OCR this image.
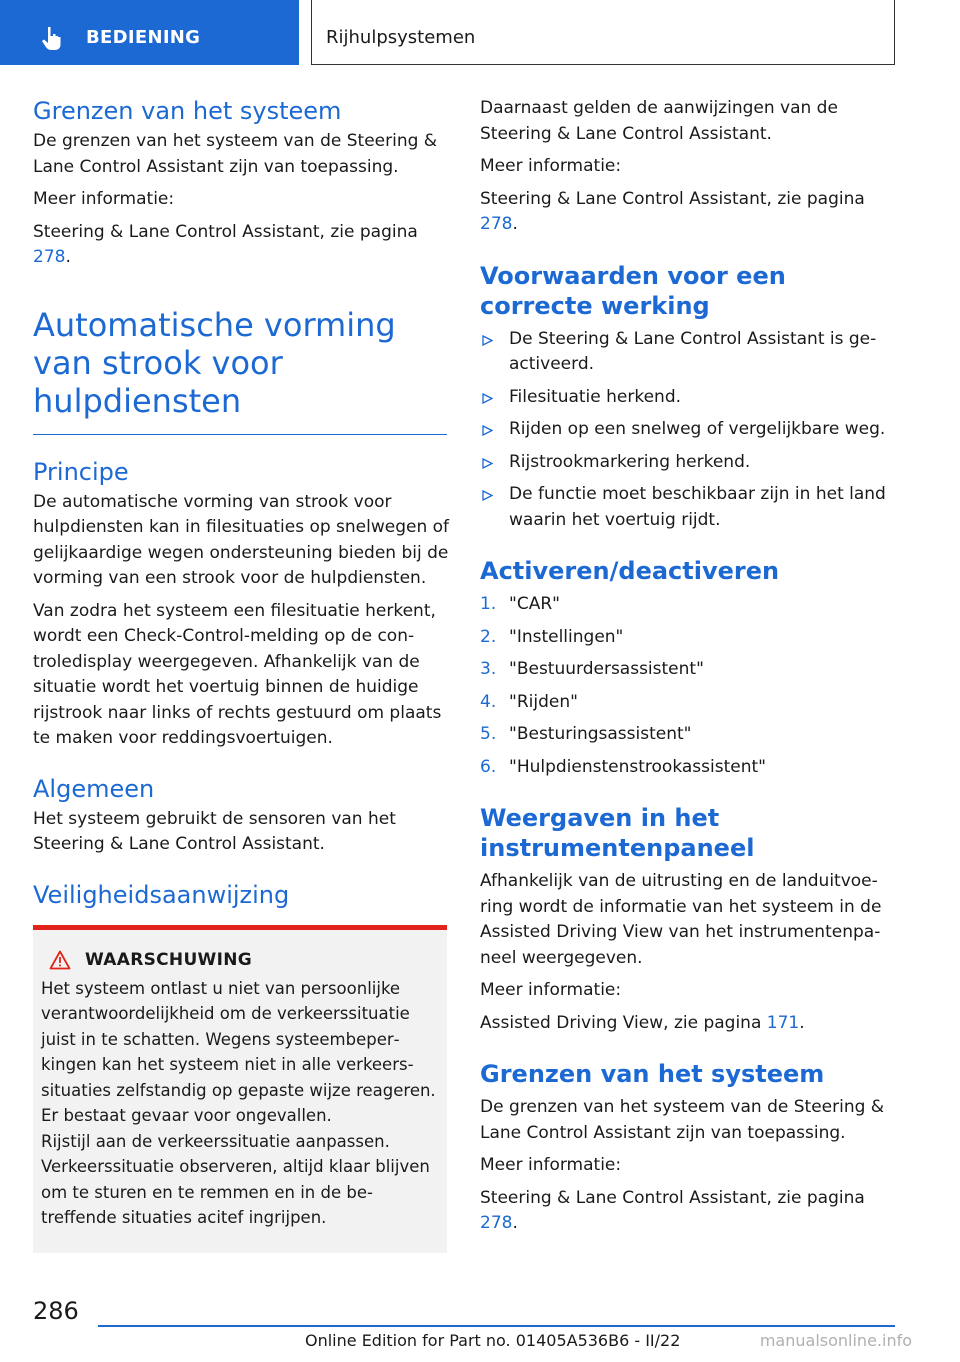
BEDIENING	Rijhulpsystemen
Grenzen van het systeem

De grenzen van het systeem van de Steering & Lane Control Assistant zijn van toepassing.

Meer informatie:

Steering & Lane Control Assistant, zie pagina 278.

Automatische vorming van strook voor hulpdiensten
Principe

De automatische vorming van strook voor hulpdiensten kan in filesituaties op snelwegen of gelijkaardige wegen ondersteuning bieden bij de vorming van een strook voor de hulpdiensten.

Van zodra het systeem een filesituatie herkent, wordt een Check-Control-melding op de controledisplay weergegeven. Afhankelijk van de situatie wordt het voertuig binnen de huidige rijstrook naar links of rechts gestuurd om plaats te maken voor reddingsvoertuigen.

Algemeen

Het systeem gebruikt de sensoren van het Steering & Lane Control Assistant.

Veiligheidsaanwijzing
WAARSCHUWING

Het systeem ontlast u niet van persoonlijke verantwoordelijkheid om de verkeerssituatie juist in te schatten. Wegens systeembeperkingen kan het systeem niet in alle verkeerssituaties zelfstandig op gepaste wijze reageren. Er bestaat gevaar voor ongevallen.

Rijstijl aan de verkeerssituatie aanpassen. Verkeerssituatie observeren, altijd klaar blijven om te sturen en te remmen en in de betreffende situaties acitef ingrijpen.

Daarnaast gelden de aanwijzingen van de Steering & Lane Control Assistant.

Meer informatie:

Steering & Lane Control Assistant, zie pagina 278.

Voorwaarden voor een correcte werking
De Steering & Lane Control Assistant is geactiveerd.
Filesituatie herkend.
Rijden op een snelweg of vergelijkbare weg.
Rijstrookmarkering herkend.
De functie moet beschikbaar zijn in het land waarin het voertuig rijdt.
Activeren/deactiveren
1. "CAR"
2. "Instellingen"
3. "Bestuurdersassistent"
4. "Rijden"
5. "Besturingsassistent"
6. "Hulpdienstenstrookassistent"
Weergaven in het instrumentenpaneel

Afhankelijk van de uitrusting en de landuitvoering wordt de informatie van het systeem in de Assisted Driving View van het instrumentenpaneel weergegeven.

Meer informatie:

Assisted Driving View, zie pagina 171.

Grenzen van het systeem

De grenzen van het systeem van de Steering & Lane Control Assistant zijn van toepassing.

Meer informatie:

Steering & Lane Control Assistant, zie pagina 278.

286
Online Edition for Part no. 01405A536B6 - II/22	manualsonline.info
